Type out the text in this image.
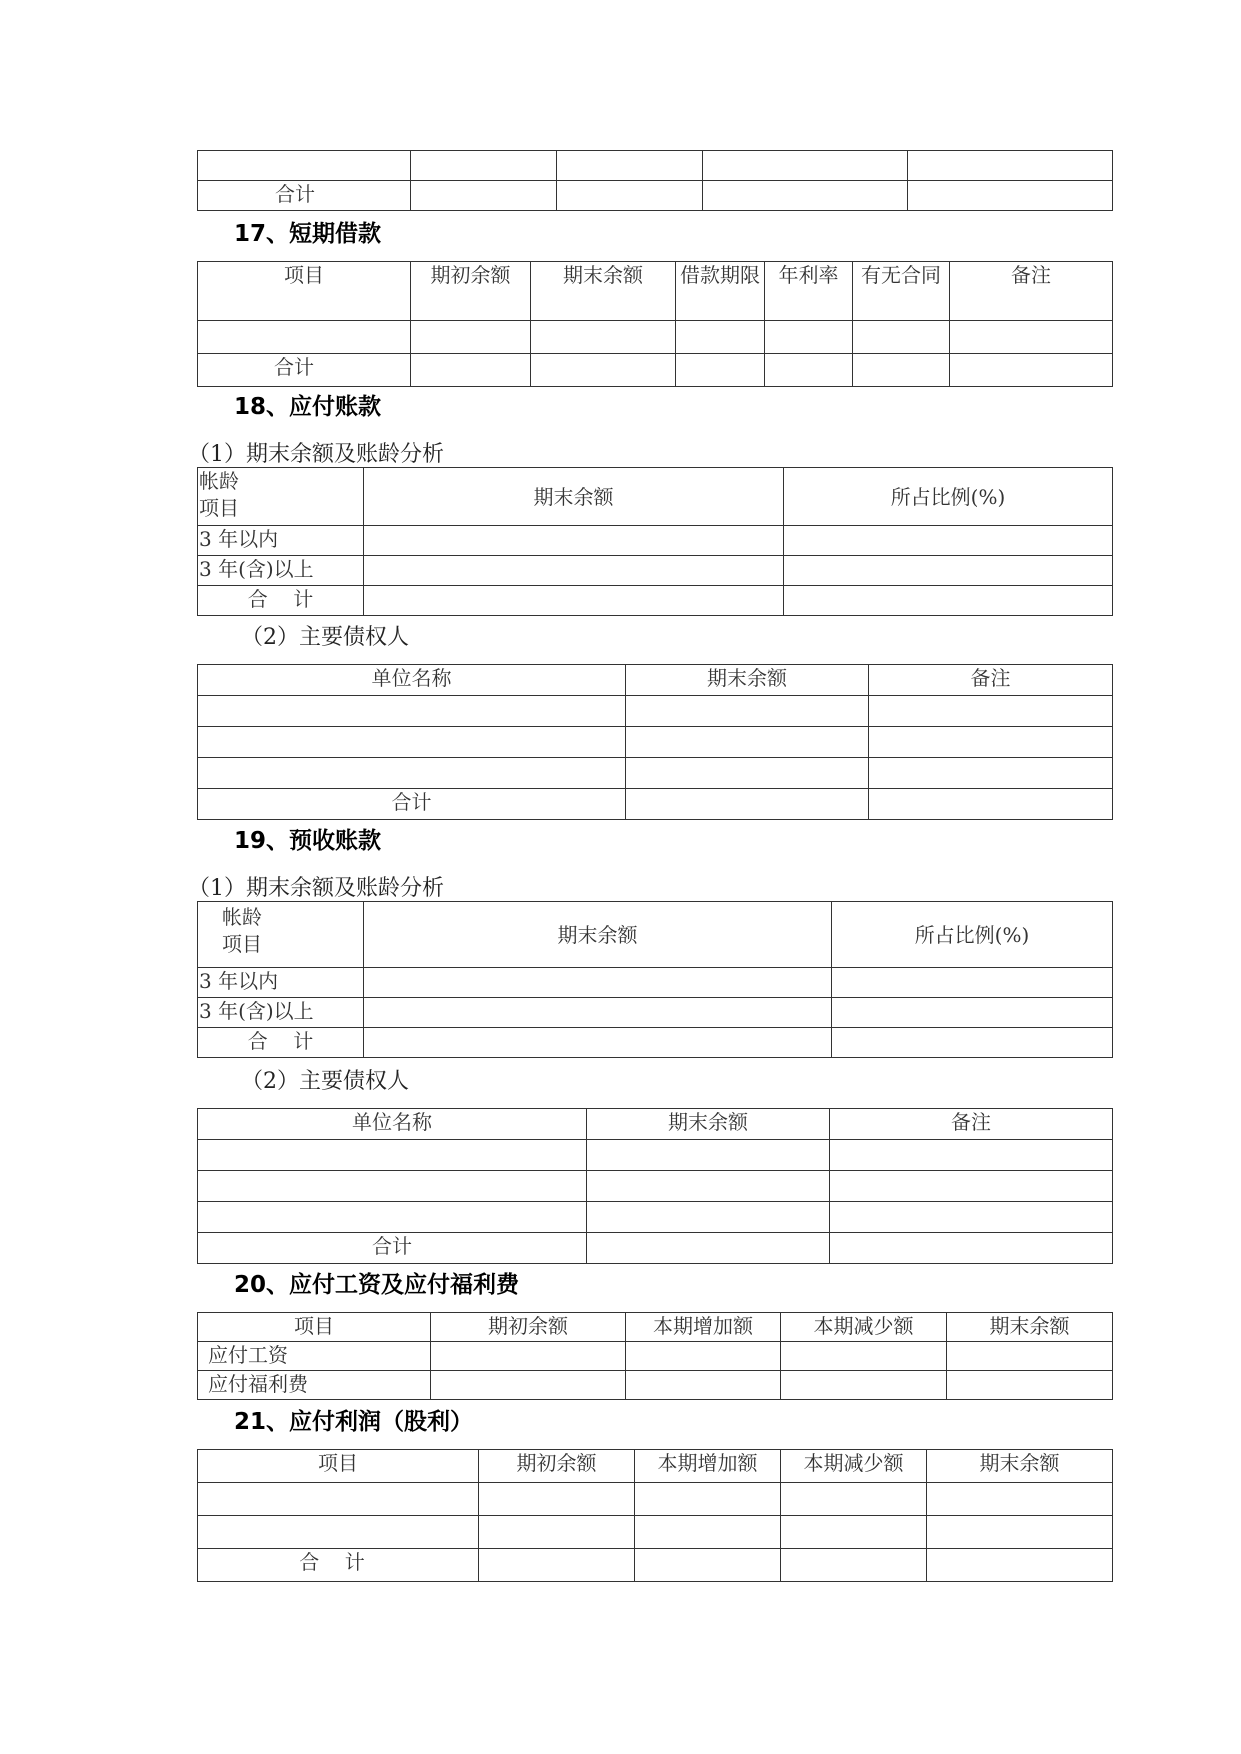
合计				
17、短期借款
项目	期初余额	期末余额	借款期限	年利率	有无合同	备注

合计						
18、应付账款
（1）期末余额及账龄分析
帐龄
项目	期末余额	所占比例(%)
3 年以内		
3 年(含)以上		
合    计		
（2）主要债权人
单位名称	期末余额	备注

合计		
19、预收账款
（1）期末余额及账龄分析
帐龄
项目	期末余额	所占比例(%)
3 年以内		
3 年(含)以上		
合    计		
（2）主要债权人
单位名称	期末余额	备注

合计		
20、应付工资及应付福利费
项目	期初余额	本期增加额	本期减少额	期末余额
应付工资				
应付福利费				
21、应付利润（股利）
项目	期初余额	本期增加额	本期减少额	期末余额

合    计				
